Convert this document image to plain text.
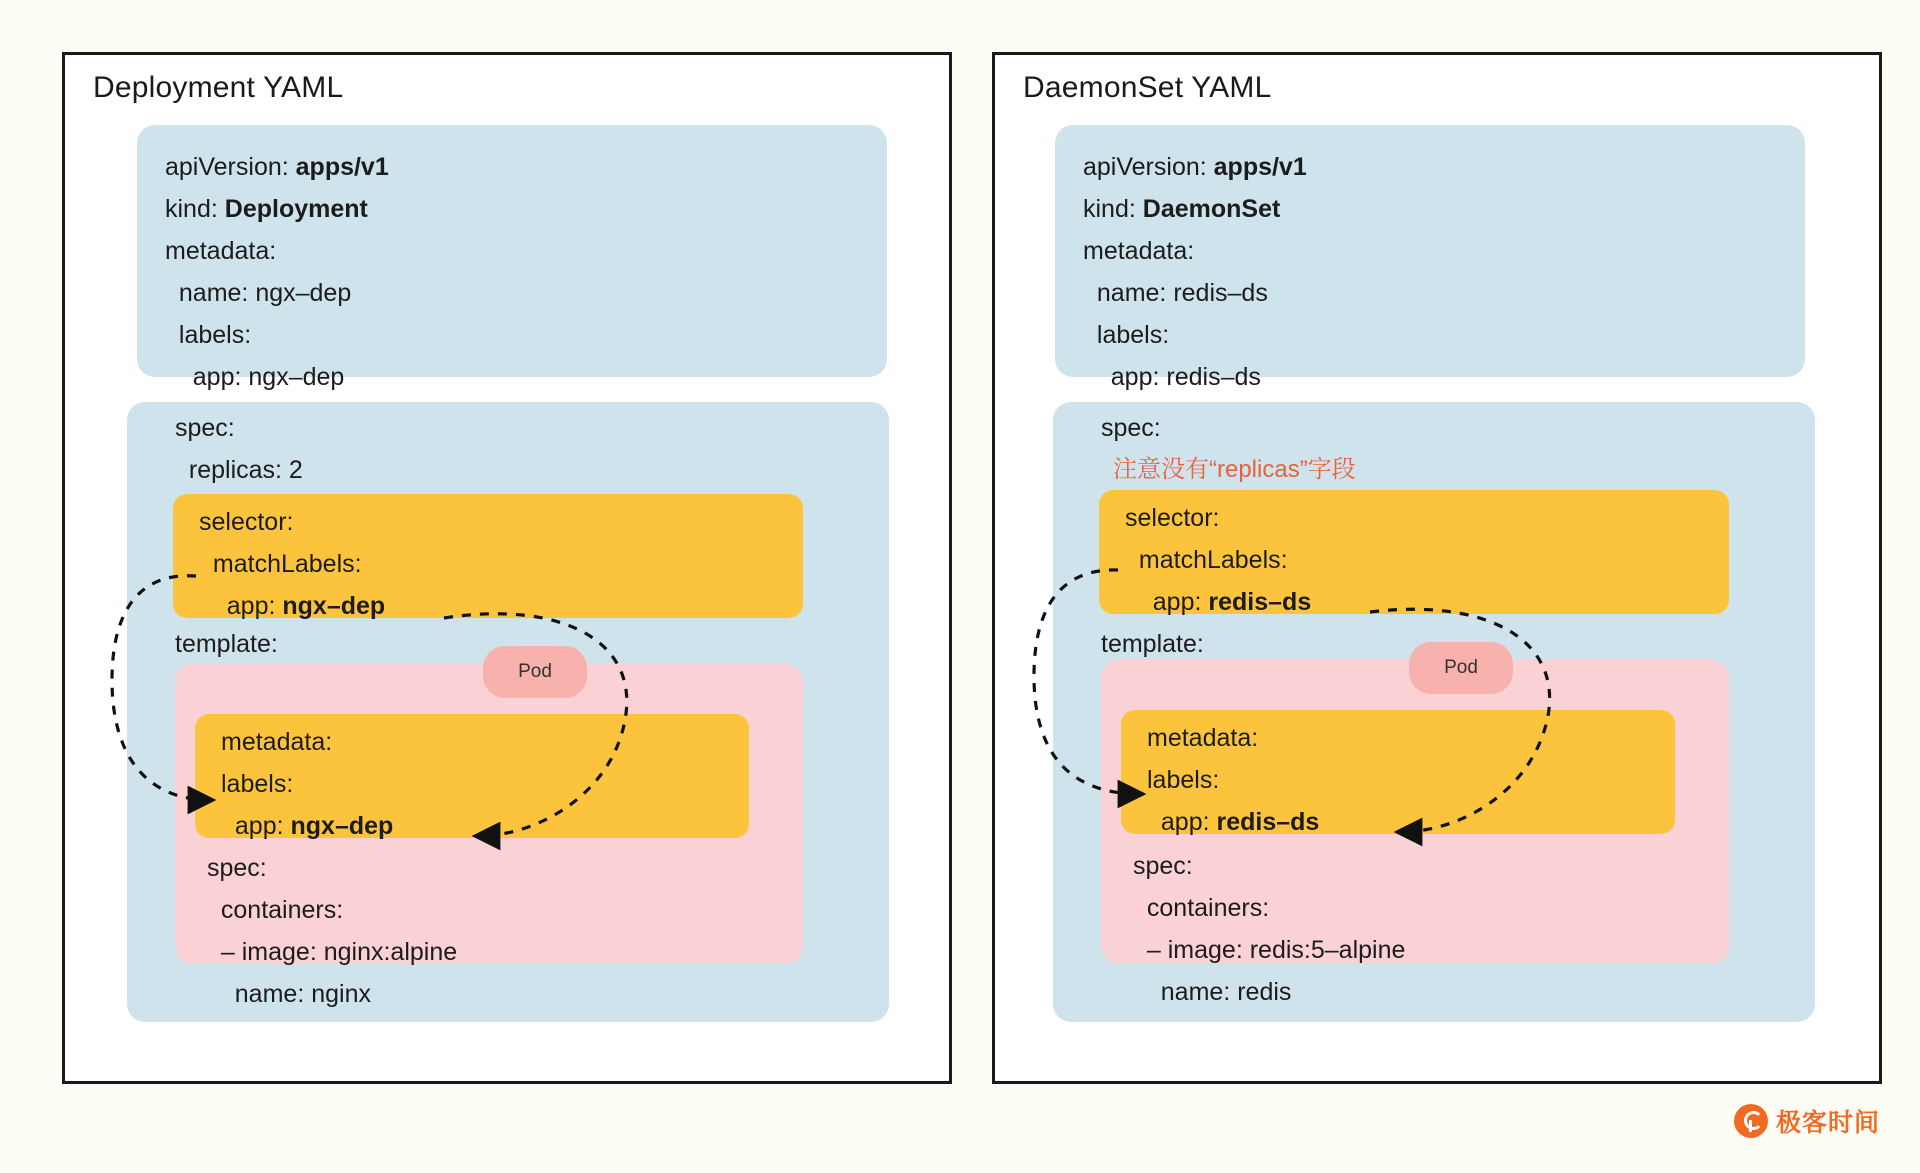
Deployment YAML
apiVersion: apps/v1
kind: Deployment
metadata:
name: ngx–dep
labels:
app: ngx–dep
spec:
replicas: 2
selector:
matchLabels:
app: ngx–dep
template:
metadata:
labels:
app: ngx–dep
spec:
containers:
– image: nginx:alpine
name: nginx
Pod
DaemonSet YAML
apiVersion: apps/v1
kind: DaemonSet
metadata:
name: redis–ds
labels:
app: redis–ds
spec:
注意没有“replicas”字段
selector:
matchLabels:
app: redis–ds
template:
metadata:
labels:
app: redis–ds
spec:
containers:
– image: redis:5–alpine
name: redis
Pod
极客时间
